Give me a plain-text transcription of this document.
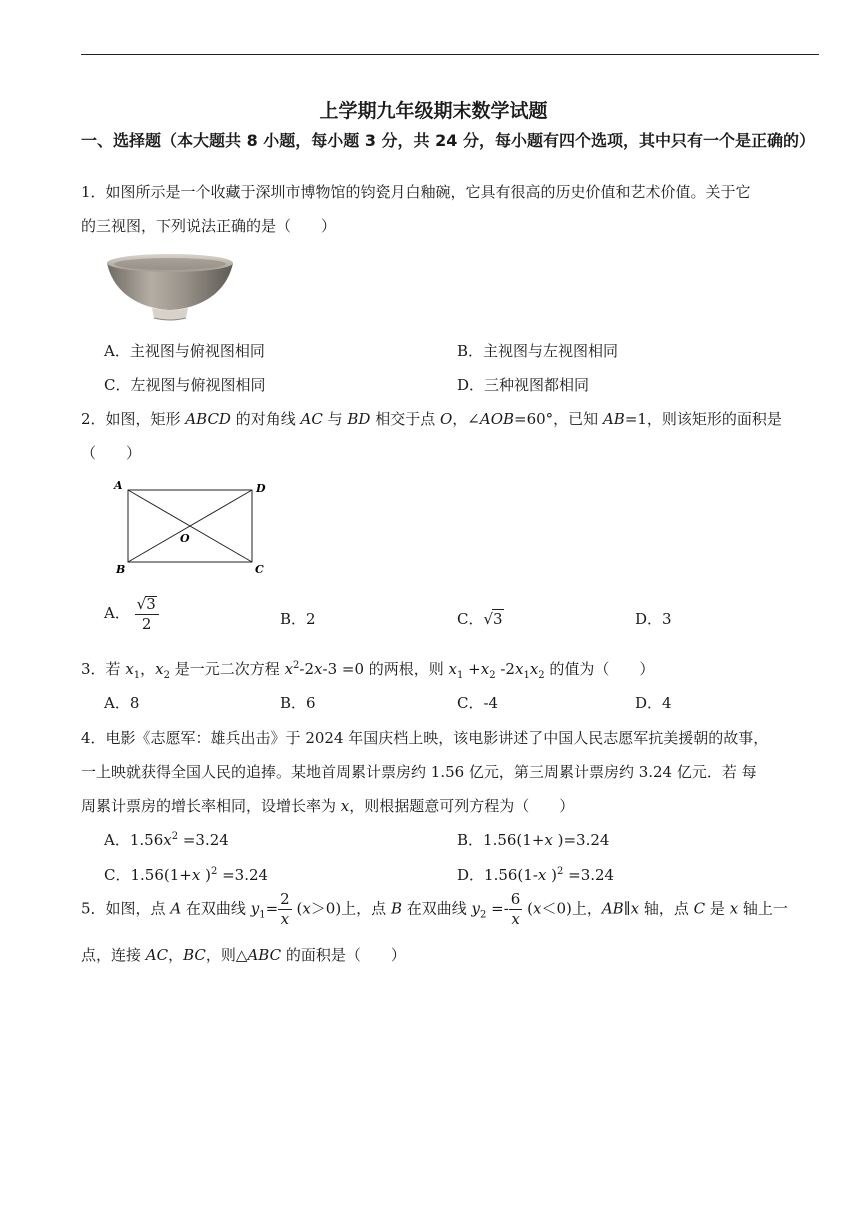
上学期九年级期末数学试题
一、选择题（本大题共 8 小题，每小题 3 分，共 24 分，每小题有四个选项，其中只有一个是正确的）
1．如图所示是一个收藏于深圳市博物馆的钧瓷月白釉碗，它具有很高的历史价值和艺术价值。关于它
的三视图，下列说法正确的是（　　）
A．主视图与俯视图相同	B．主视图与左视图相同
C．左视图与俯视图相同	D．三种视图都相同
2．如图，矩形 ABCD 的对角线 AC 与 BD 相交于点 O，∠AOB=60°，已知 AB=1，则该矩形的面积是
（　　）
A	D
B	C
O
A． $\frac{√3}{2}$	B．2	C．√3	D．3
3．若 $x_1$，$x_2$ 是一元二次方程 $x^2-2x-3 =0$ 的两根，则 $x_1 +x_2$ $-2x_1x_2$ 的值为（　　）
A．8	B．6	C．-4	D．4
4．电影《志愿军：雄兵出击》于 2024 年国庆档上映，该电影讲述了中国人民志愿军抗美援朝的故事，
一上映就获得全国人民的追捧。某地首周累计票房约 1.56 亿元，第三周累计票房约 3.24 亿元．若 每
周累计票房的增长率相同，设增长率为 x，则根据题意可列方程为（　　）
A．$1.56x^2 =3.24$	B．1.56(1+x )=3.24
C．1.56(1+x )$^2$ =3.24	D．1.56(1-x )$^2$ =3.24
5．如图，点 A 在双曲线 $y_1= \frac{2}{x} (x>0)$上，点 B 在双曲线 $y_2 =- \frac{6}{x} (x<0)$上，AB∥x 轴，点 C 是 x 轴上一
点，连接 AC，BC，则△ABC 的面积是（　　）
